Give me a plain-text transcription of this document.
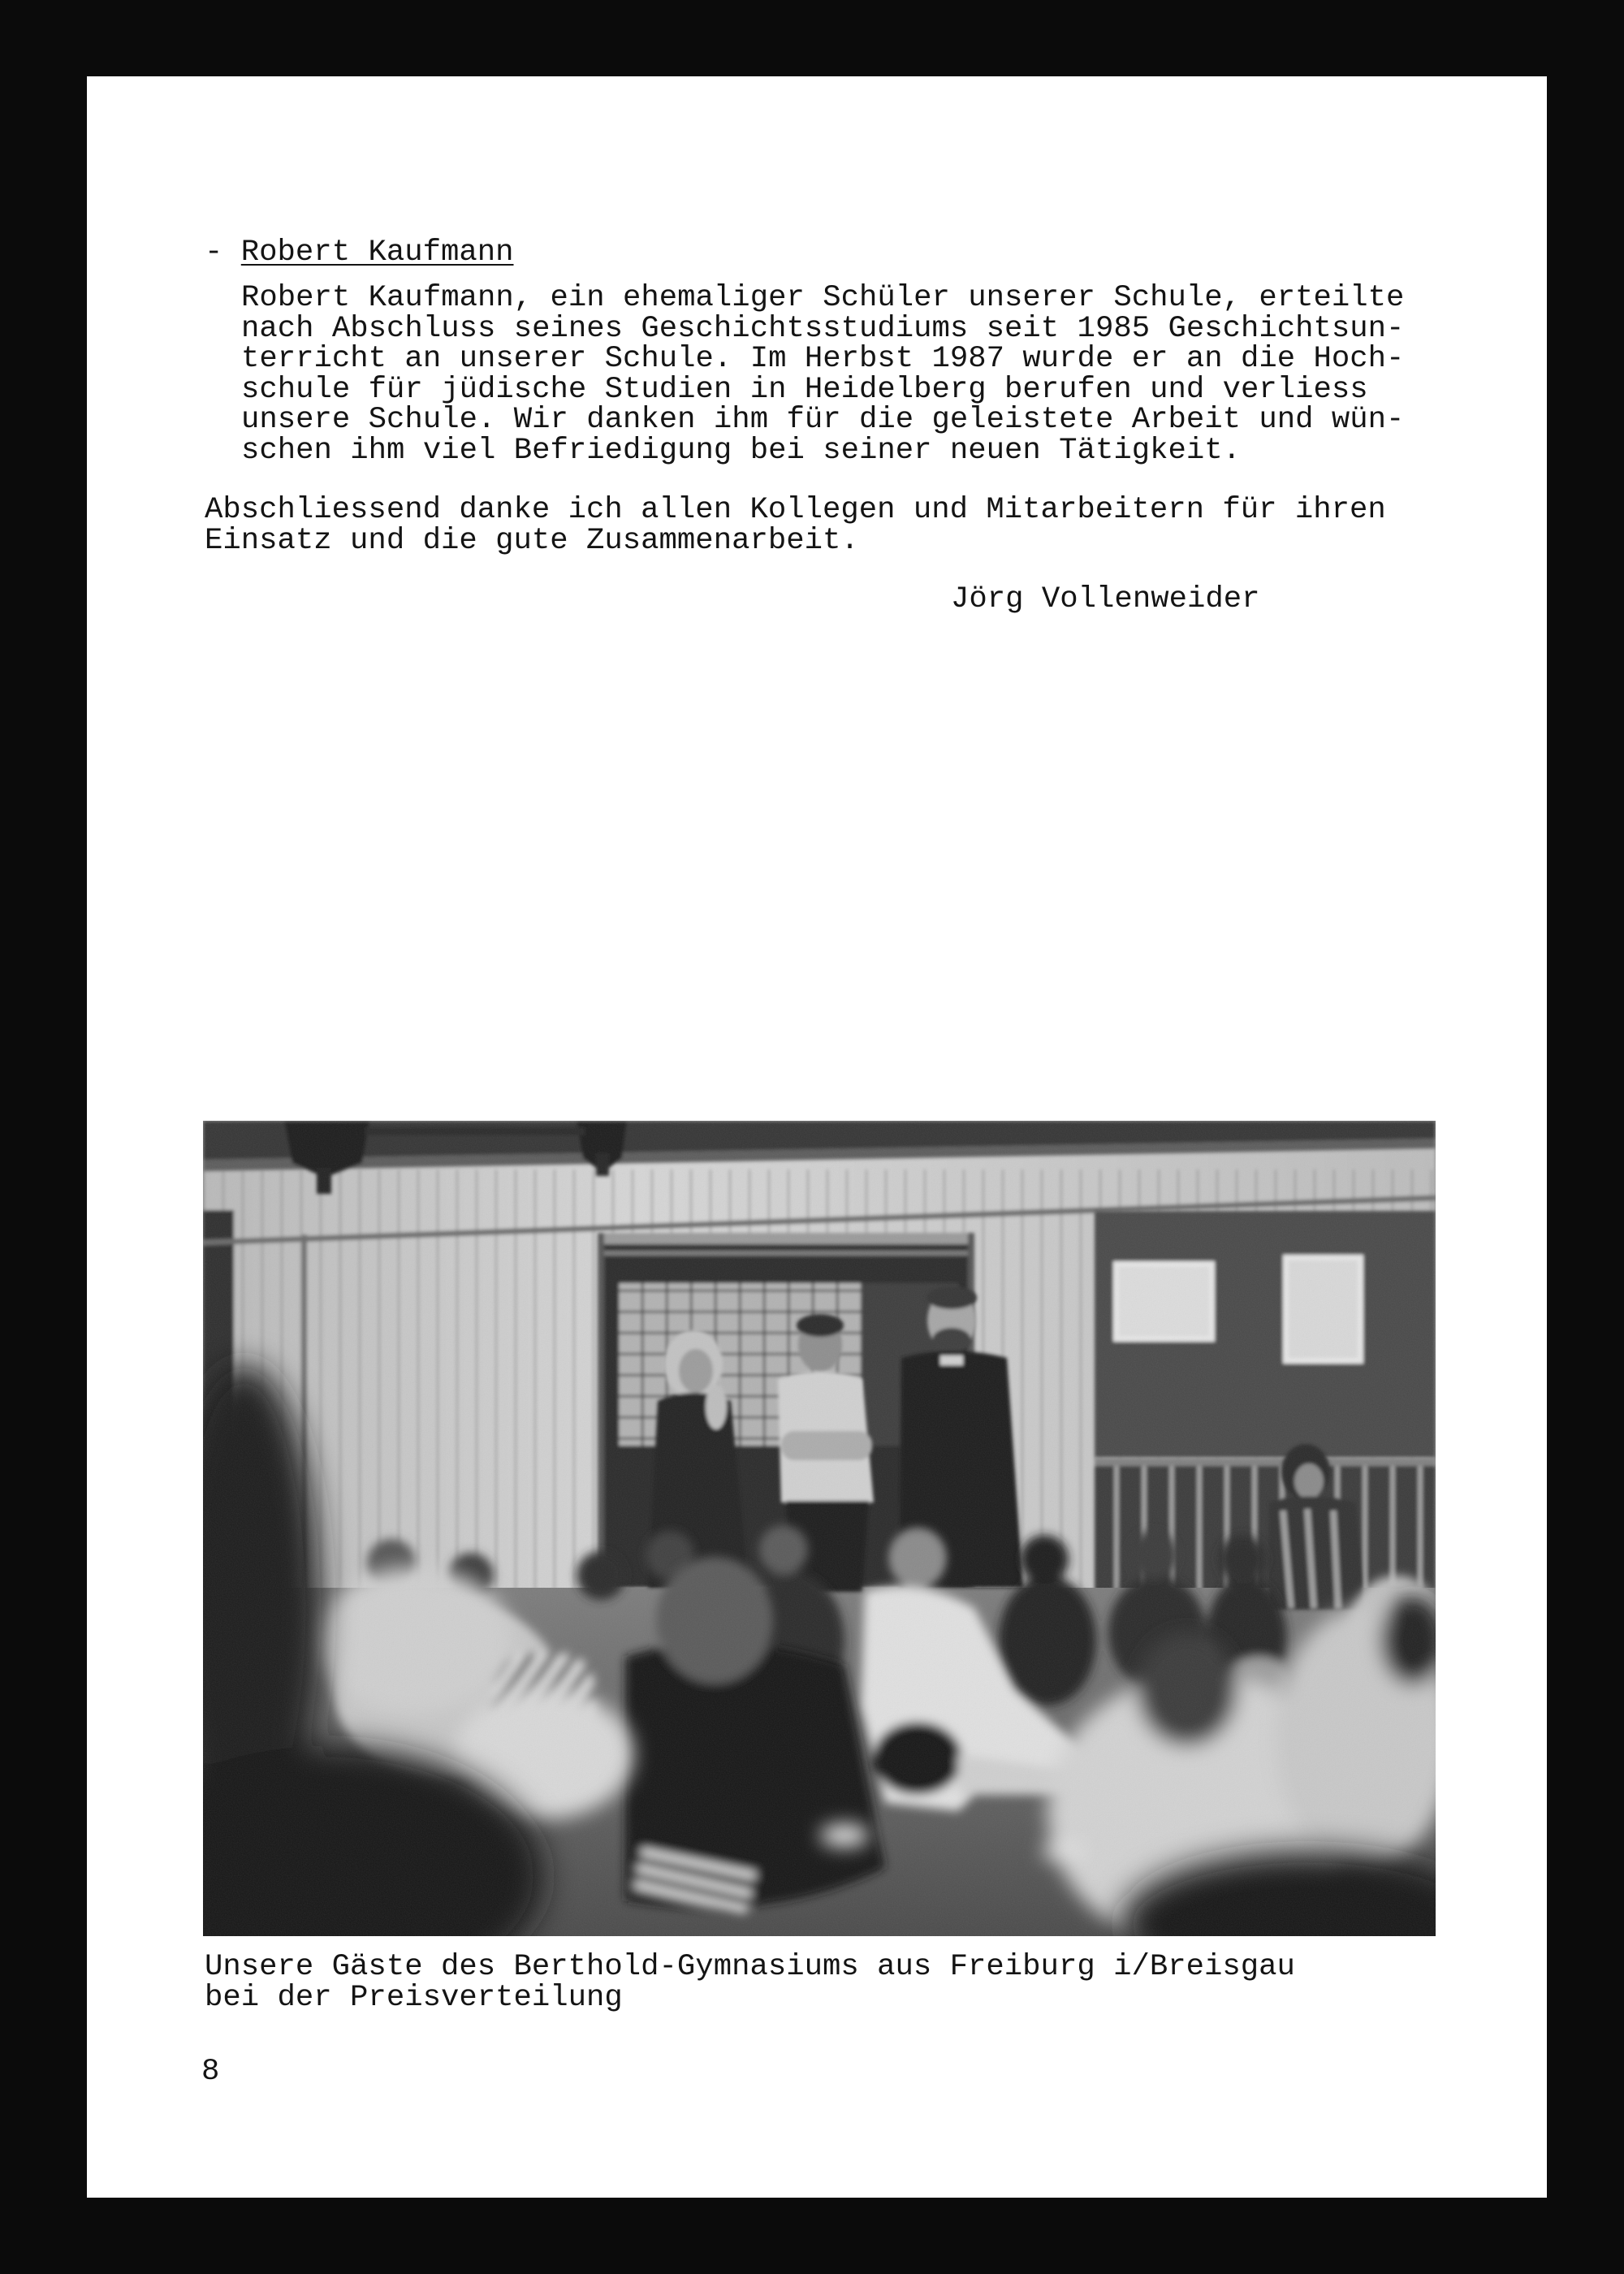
- Robert Kaufmann
Robert Kaufmann, ein ehemaliger Schüler unserer Schule, erteilte
nach Abschluss seines Geschichtsstudiums seit 1985 Geschichtsun-
terricht an unserer Schule. Im Herbst 1987 wurde er an die Hoch-
schule für jüdische Studien in Heidelberg berufen und verliess
unsere Schule. Wir danken ihm für die geleistete Arbeit und wün-
schen ihm viel Befriedigung bei seiner neuen Tätigkeit.
Abschliessend danke ich allen Kollegen und Mitarbeitern für ihren
Einsatz und die gute Zusammenarbeit.
Jörg Vollenweider
Unsere Gäste des Berthold-Gymnasiums aus Freiburg i/Breisgau
bei der Preisverteilung
8
